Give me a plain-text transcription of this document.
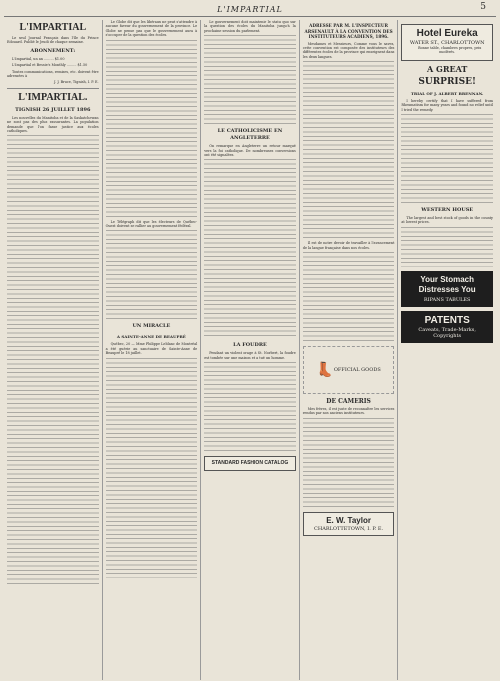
L'IMPARTIAL	5
L'IMPARTIAL

Le seul Journal Français dans l'Ile du Prince Edouard. Publié le Jeudi de chaque semaine.

ABONNEMENT:

L'Impartial, un an ......... $1.00

L'Impartial et Bessie's Monthly ......... $1.50

Toutes communications, remises, etc. doivent être adressées à

J. J. Bruce, Tignish, I. P. E.

L'IMPARTIAL.
TIGNISH 26 JUILLET 1896

Les nouvelles du Manitoba et de la Saskatchewan ne sont pas des plus rassurantes. La population demande que l'on fasse justice aux écoles catholiques.

Le Globe dit que les libéraux ne peut s'attendre à aucune faveur du gouvernement de la province. Le Globe ne pense pas que le gouvernement aura à s'occuper de la question des écoles.

Le Télégraph dit que les électeurs de Québec-Ouest doivent se rallier au gouvernement fédéral.

UN MIRACLE
A SAINTE-ANNE DE BEAUPRÉ

Québec, 20 — Mme Philippe Leblanc de Montréal a été guérie au sanctuaire de Sainte-Anne de Beaupré le 18 juillet.

Le gouvernement doit maintenir le statu quo sur la question des écoles du Manitoba jusqu'à la prochaine session du parlement.

LE CATHOLICISME EN ANGLETERRE

On remarque en Angleterre un retour marqué vers la foi catholique. De nombreuses conversions ont été signalées.

LA FOUDRE

Pendant un violent orage à St. Norbert, la foudre est tombée sur une maison et a tué un homme.

STANDARD FASHION CATALOG
ADRESSE PAR M. L'INSPECTEUR ARSENAULT À LA CONVENTION DES INSTITUTEURS ACADIENS, 1896.

Mesdames et Messieurs, Comme vous le savez, cette convention est composée des instituteurs des différentes écoles de la province qui enseignent dans les deux langues.

Il est de notre devoir de travailler à l'avancement de la langue française dans nos écoles.

👢 OFFICIAL GOODS
DE CAMERIS

Mes frères, il est juste de reconnaître les services rendus par nos anciens instituteurs.

E. W. Taylor
CHARLOTTETOWN, I. P. E.
Hotel Eureka
WATER ST., CHARLOTTOWN

Bonne table, chambres propres, prix modérés.

A GREAT
SURPRISE!
TRIAL OF J. ALBERT BRENNAN.

I hereby certify that I have suffered from Rheumatism for many years and found no relief until I tried the remedy.

WESTERN HOUSE

The largest and best stock of goods in the county at lowest prices.

Your Stomach
Distresses You
RIPANS TABULES
PATENTS
Caveats, Trade-Marks, Copyrights
